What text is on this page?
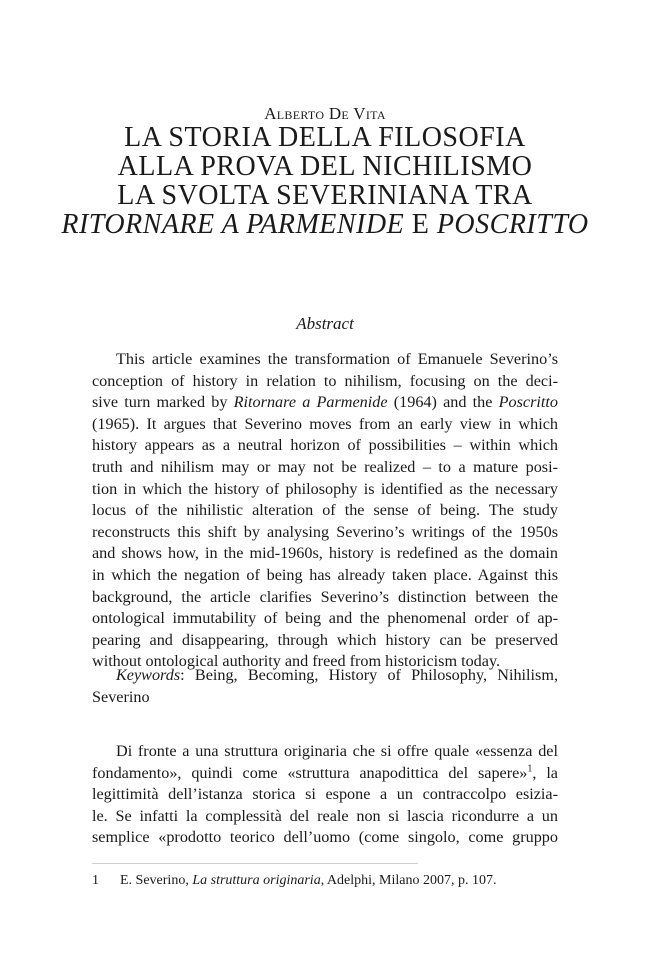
Alberto De Vita
LA STORIA DELLA FILOSOFIA
ALLA PROVA DEL NICHILISMO
LA SVOLTA SEVERINIANA TRA
RITORNARE A PARMENIDE E POSCRITTO
Abstract
This article examines the transformation of Emanuele Severino’s
conception of history in relation to nihilism, focusing on the deci-
sive turn marked by Ritornare a Parmenide (1964) and the Poscritto
(1965). It argues that Severino moves from an early view in which
history appears as a neutral horizon of possibilities – within which
truth and nihilism may or may not be realized – to a mature posi-
tion in which the history of philosophy is identified as the necessary
locus of the nihilistic alteration of the sense of being. The study
reconstructs this shift by analysing Severino’s writings of the 1950s
and shows how, in the mid-1960s, history is redefined as the domain
in which the negation of being has already taken place. Against this
background, the article clarifies Severino’s distinction between the
ontological immutability of being and the phenomenal order of ap-
pearing and disappearing, through which history can be preserved
without ontological authority and freed from historicism today.
Keywords: Being, Becoming, History of Philosophy, Nihilism,
Severino
Di fronte a una struttura originaria che si offre quale «essenza del
fondamento», quindi come «struttura anapodittica del sapere»$^1$, la
legittimità dell’istanza storica si espone a un contraccolpo esizia-
le. Se infatti la complessità del reale non si lascia ricondurre a un
semplice «prodotto teorico dell’uomo (come singolo, come gruppo
1 E. Severino, La struttura originaria, Adelphi, Milano 2007, p. 107.
